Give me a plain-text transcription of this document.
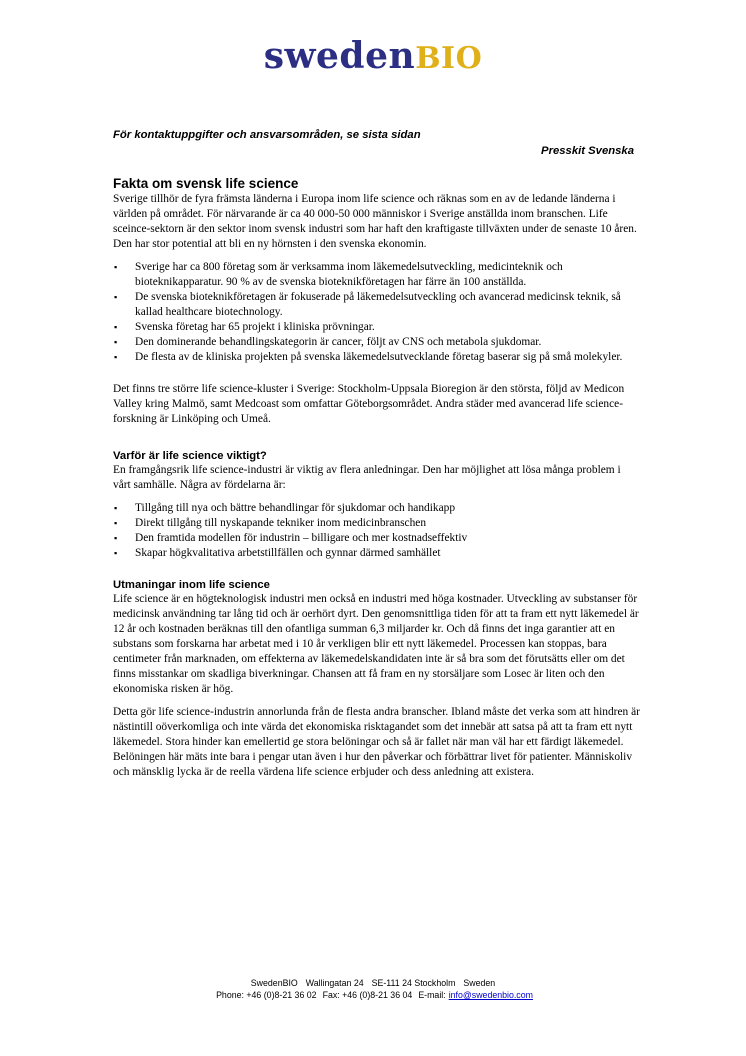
swedenBIO
För kontaktuppgifter och ansvarsområden, se sista sidan
Presskit Svenska
Fakta om svensk life science

Sverige tillhör de fyra främsta länderna i Europa inom life science och räknas som en av de ledande länderna i världen på området. För närvarande är ca 40 000-50 000 människor i Sverige anställda inom branschen. Life sceince-sektorn är den sektor inom svensk industri som har haft den kraftigaste tillväxten under de senaste 10 åren. Den har stor potential att bli en ny hörnsten i den svenska ekonomin.

▪ Sverige har ca 800 företag som är verksamma inom läkemedelsutveckling, medicinteknik och bioteknikapparatur. 90 % av de svenska bioteknikföretagen har färre än 100 anställda.
▪ De svenska bioteknikföretagen är fokuserade på läkemedelsutveckling och avancerad medicinsk teknik, så kallad healthcare biotechnology.
▪ Svenska företag har 65 projekt i kliniska prövningar.
▪ Den dominerande behandlingskategorin är cancer, följt av CNS och metabola sjukdomar.
▪ De flesta av de kliniska projekten på svenska läkemedelsutvecklande företag baserar sig på små molekyler.

Det finns tre större life science-kluster i Sverige: Stockholm-Uppsala Bioregion är den största, följd av Medicon Valley kring Malmö, samt Medcoast som omfattar Göteborgsområdet. Andra städer med avancerad life science-forskning är Linköping och Umeå.

Varför är life science viktigt?

En framgångsrik life science-industri är viktig av flera anledningar. Den har möjlighet att lösa många problem i vårt samhälle. Några av fördelarna är:

▪ Tillgång till nya och bättre behandlingar för sjukdomar och handikapp
▪ Direkt tillgång till nyskapande tekniker inom medicinbranschen
▪ Den framtida modellen för industrin – billigare och mer kostnadseffektiv
▪ Skapar högkvalitativa arbetstillfällen och gynnar därmed samhället
Utmaningar inom life science

Life science är en högteknologisk industri men också en industri med höga kostnader. Utveckling av substanser för medicinsk användning tar lång tid och är oerhört dyrt. Den genomsnittliga tiden för att ta fram ett nytt läkemedel är 12 år och kostnaden beräknas till den ofantliga summan 6,3 miljarder kr. Och då finns det inga garantier att en substans som forskarna har arbetat med i 10 år verkligen blir ett nytt läkemedel. Processen kan stoppas, bara centimeter från marknaden, om effekterna av läkemedelskandidaten inte är så bra som det förutsätts eller om det finns misstankar om skadliga biverkningar. Chansen att få fram en ny storsäljare som Losec är liten och den ekonomiska risken är hög.

Detta gör life science-industrin annorlunda från de flesta andra branscher. Ibland måste det verka som att hindren är nästintill oöverkomliga och inte värda det ekonomiska risktagandet som det innebär att satsa på att ta fram ett nytt läkemedel. Stora hinder kan emellertid ge stora belöningar och så är fallet när man väl har ett färdigt läkemedel. Belöningen här mäts inte bara i pengar utan även i hur den påverkar och förbättrar livet för patienter. Människoliv och mänsklig lycka är de reella värdena life science erbjuder och dess anledning att existera.

SwedenBIO Wallingatan 24 SE-111 24 Stockholm Sweden
Phone: +46 (0)8-21 36 02 Fax: +46 (0)8-21 36 04 E-mail: info@swedenbio.com
